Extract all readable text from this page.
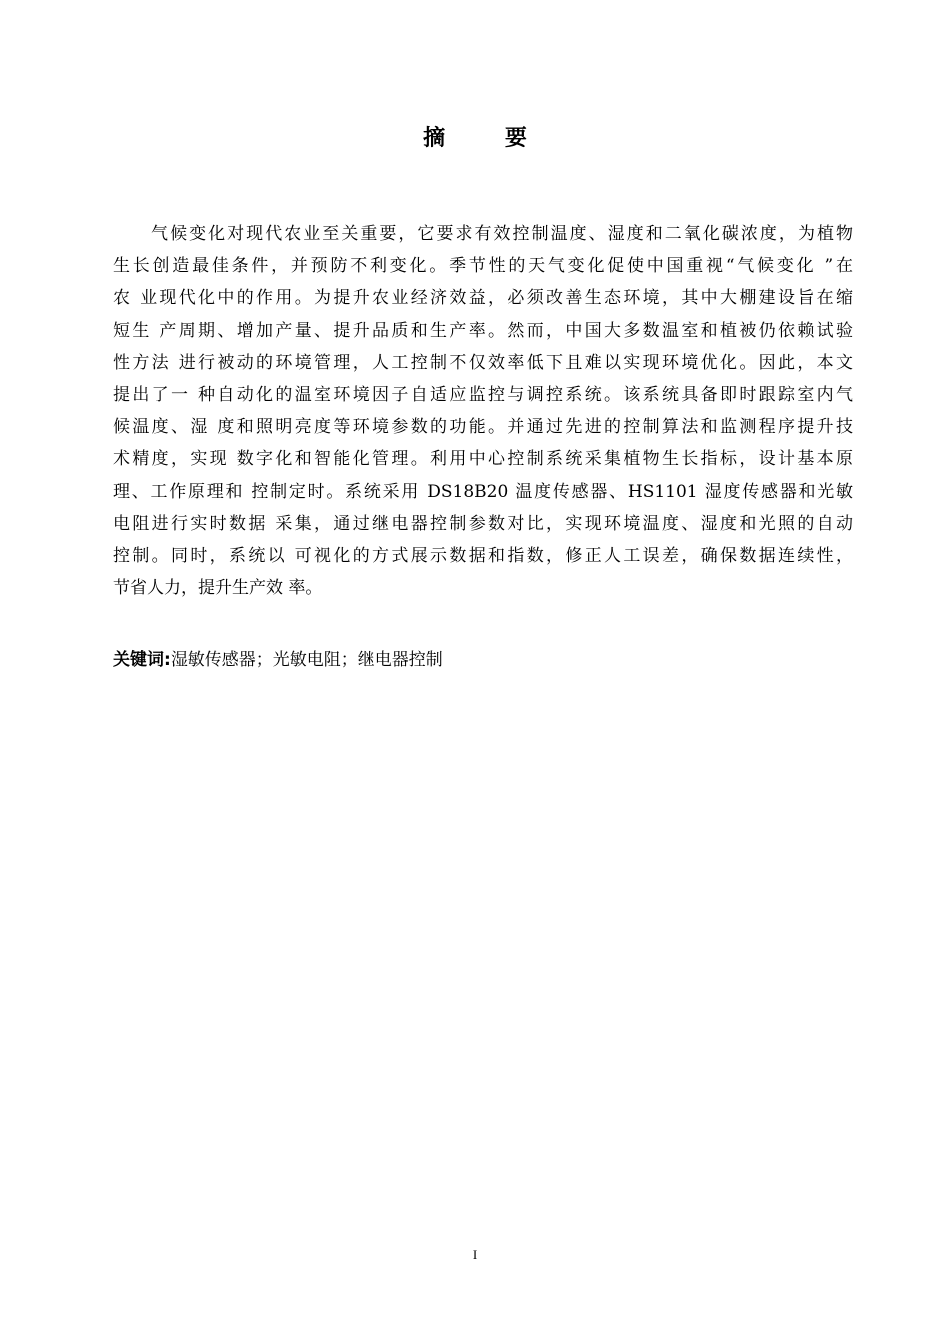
摘 要
　　气候变化对现代农业至关重要，它要求有效控制温度、湿度和二氧化碳浓度，为植物
生长创造最佳条件，并预防不利变化。季节性的天气变化促使中国重视“气候变化 ”在
农 业现代化中的作用。为提升农业经济效益，必须改善生态环境，其中大棚建设旨在缩
短生 产周期、增加产量、提升品质和生产率。然而，中国大多数温室和植被仍依赖试验
性方法 进行被动的环境管理，人工控制不仅效率低下且难以实现环境优化。因此，本文
提出了一 种自动化的温室环境因子自适应监控与调控系统。该系统具备即时跟踪室内气
候温度、湿 度和照明亮度等环境参数的功能。并通过先进的控制算法和监测程序提升技
术精度，实现 数字化和智能化管理。利用中心控制系统采集植物生长指标，设计基本原
理、工作原理和 控制定时。系统采用 DS18B20 温度传感器、HS1101 湿度传感器和光敏
电阻进行实时数据 采集，通过继电器控制参数对比，实现环境温度、湿度和光照的自动
控制。同时，系统以 可视化的方式展示数据和指数，修正人工误差，确保数据连续性，
节省人力，提升生产效 率。
关键词:湿敏传感器；光敏电阻；继电器控制
I
